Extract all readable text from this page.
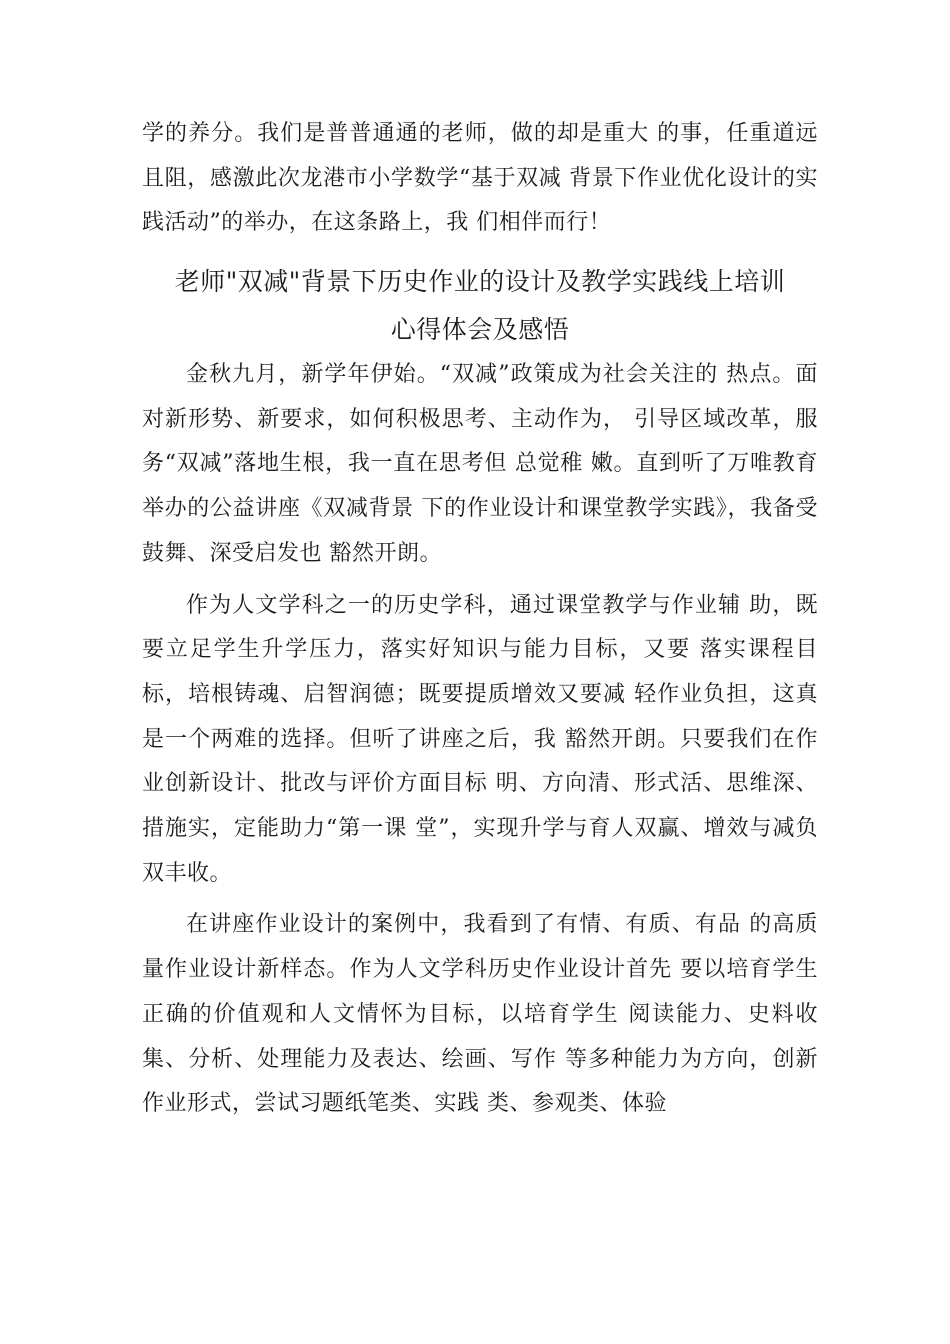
学的养分。我们是普普通通的老师，做的却是重大 的事，任重道远且阻，感激此次龙港市小学数学“基于双减 背景下作业优化设计的实践活动”的举办，在这条路上，我 们相伴而行！

老师"双减"背景下历史作业的设计及教学实践线上培训
心得体会及感悟

金秋九月，新学年伊始。“双减”政策成为社会关注的 热点。面对新形势、新要求，如何积极思考、主动作为， 引导区域改革，服务“双减”落地生根，我一直在思考但 总觉稚 嫩。直到听了万唯教育举办的公益讲座《双减背景 下的作业设计和课堂教学实践》，我备受鼓舞、深受启发也 豁然开朗。

作为人文学科之一的历史学科，通过课堂教学与作业辅 助，既要立足学生升学压力，落实好知识与能力目标，又要 落实课程目标，培根铸魂、启智润德；既要提质增效又要减 轻作业负担，这真是一个两难的选择。但听了讲座之后，我 豁然开朗。只要我们在作业创新设计、批改与评价方面目标 明、方向清、形式活、思维深、措施实，定能助力“第一课 堂”，实现升学与育人双赢、增效与减负双丰收。

在讲座作业设计的案例中，我看到了有情、有质、有品 的高质量作业设计新样态。作为人文学科历史作业设计首先 要以培育学生正确的价值观和人文情怀为目标，以培育学生 阅读能力、史料收集、分析、处理能力及表达、绘画、写作 等多种能力为方向，创新作业形式，尝试习题纸笔类、实践 类、参观类、体验
